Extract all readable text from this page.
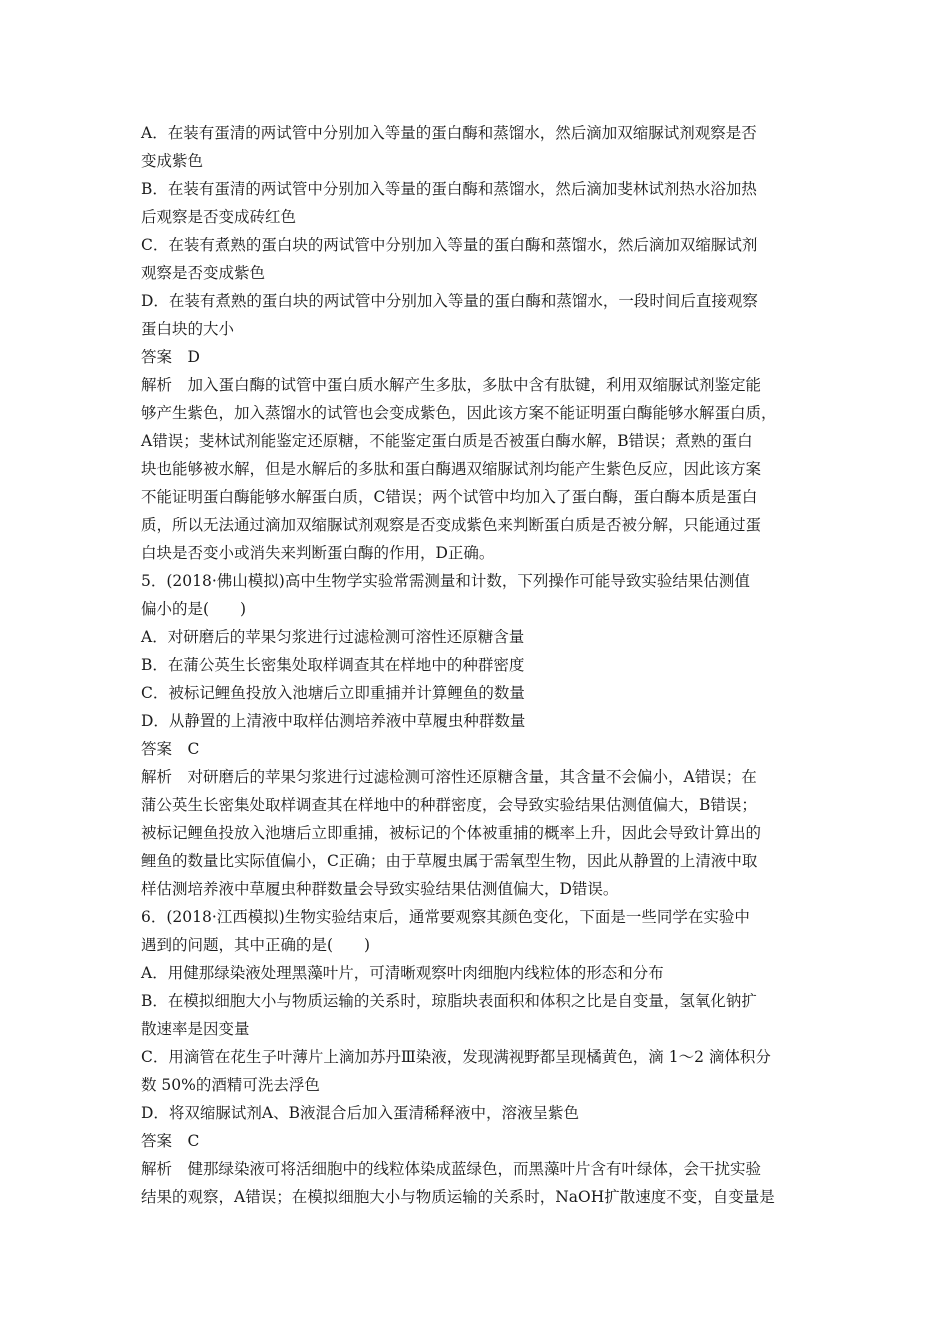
A．在装有蛋清的两试管中分别加入等量的蛋白酶和蒸馏水，然后滴加双缩脲试剂观察是否
变成紫色
B．在装有蛋清的两试管中分别加入等量的蛋白酶和蒸馏水，然后滴加斐林试剂热水浴加热
后观察是否变成砖红色
C．在装有煮熟的蛋白块的两试管中分别加入等量的蛋白酶和蒸馏水，然后滴加双缩脲试剂
观察是否变成紫色
D．在装有煮熟的蛋白块的两试管中分别加入等量的蛋白酶和蒸馏水，一段时间后直接观察
蛋白块的大小
答案　D
解析　加入蛋白酶的试管中蛋白质水解产生多肽，多肽中含有肽键，利用双缩脲试剂鉴定能
够产生紫色，加入蒸馏水的试管也会变成紫色，因此该方案不能证明蛋白酶能够水解蛋白质，
A错误；斐林试剂能鉴定还原糖，不能鉴定蛋白质是否被蛋白酶水解，B错误；煮熟的蛋白
块也能够被水解，但是水解后的多肽和蛋白酶遇双缩脲试剂均能产生紫色反应，因此该方案
不能证明蛋白酶能够水解蛋白质，C错误；两个试管中均加入了蛋白酶，蛋白酶本质是蛋白
质，所以无法通过滴加双缩脲试剂观察是否变成紫色来判断蛋白质是否被分解，只能通过蛋
白块是否变小或消失来判断蛋白酶的作用，D正确。
5．(2018·佛山模拟)高中生物学实验常需测量和计数，下列操作可能导致实验结果估测值
偏小的是(　　)
A．对研磨后的苹果匀浆进行过滤检测可溶性还原糖含量
B．在蒲公英生长密集处取样调查其在样地中的种群密度
C．被标记鲤鱼投放入池塘后立即重捕并计算鲤鱼的数量
D．从静置的上清液中取样估测培养液中草履虫种群数量
答案　C
解析　对研磨后的苹果匀浆进行过滤检测可溶性还原糖含量，其含量不会偏小，A错误；在
蒲公英生长密集处取样调查其在样地中的种群密度，会导致实验结果估测值偏大，B错误；
被标记鲤鱼投放入池塘后立即重捕，被标记的个体被重捕的概率上升，因此会导致计算出的
鲤鱼的数量比实际值偏小，C正确；由于草履虫属于需氧型生物，因此从静置的上清液中取
样估测培养液中草履虫种群数量会导致实验结果估测值偏大，D错误。
6．(2018·江西模拟)生物实验结束后，通常要观察其颜色变化，下面是一些同学在实验中
遇到的问题，其中正确的是(　　)
A．用健那绿染液处理黑藻叶片，可清晰观察叶肉细胞内线粒体的形态和分布
B．在模拟细胞大小与物质运输的关系时，琼脂块表面积和体积之比是自变量，氢氧化钠扩
散速率是因变量
C．用滴管在花生子叶薄片上滴加苏丹Ⅲ染液，发现满视野都呈现橘黄色，滴 1～2 滴体积分
数 50%的酒精可洗去浮色
D．将双缩脲试剂A、B液混合后加入蛋清稀释液中，溶液呈紫色
答案　C
解析　健那绿染液可将活细胞中的线粒体染成蓝绿色，而黑藻叶片含有叶绿体，会干扰实验
结果的观察，A错误；在模拟细胞大小与物质运输的关系时，NaOH扩散速度不变，自变量是
